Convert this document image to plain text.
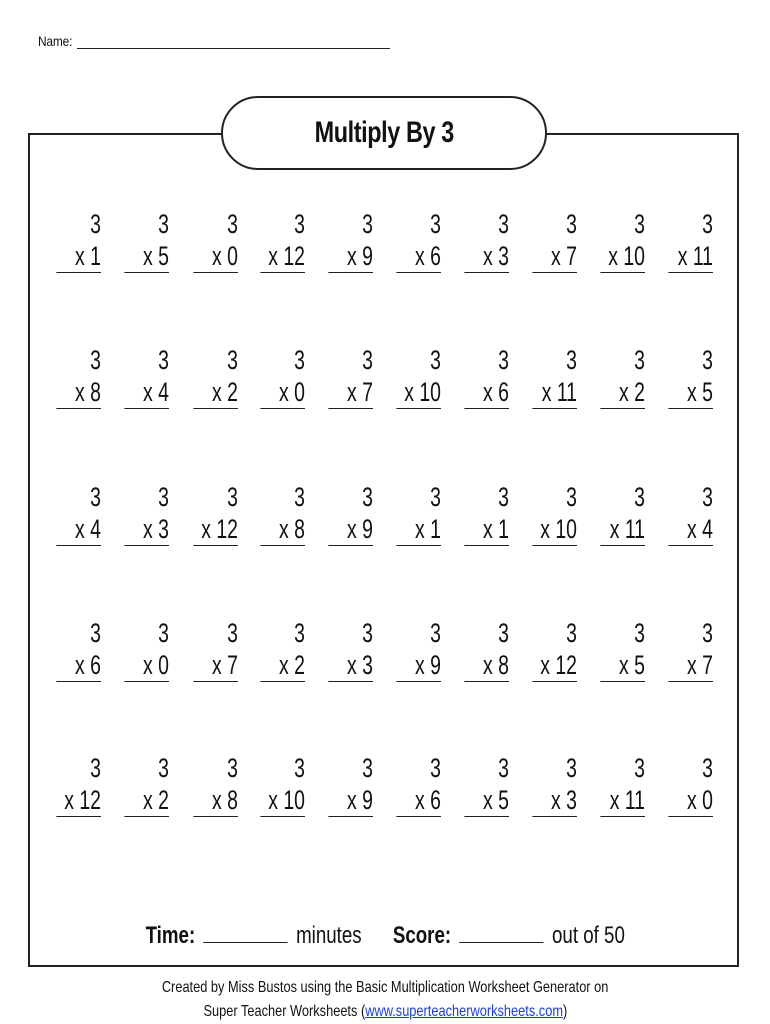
Name:
Multiply By 3
3
x 1
3
x 5
3
x 0
3
x 12
3
x 9
3
x 6
3
x 3
3
x 7
3
x 10
3
x 11
3
x 8
3
x 4
3
x 2
3
x 0
3
x 7
3
x 10
3
x 6
3
x 11
3
x 2
3
x 5
3
x 4
3
x 3
3
x 12
3
x 8
3
x 9
3
x 1
3
x 1
3
x 10
3
x 11
3
x 4
3
x 6
3
x 0
3
x 7
3
x 2
3
x 3
3
x 9
3
x 8
3
x 12
3
x 5
3
x 7
3
x 12
3
x 2
3
x 8
3
x 10
3
x 9
3
x 6
3
x 5
3
x 3
3
x 11
3
x 0
Time:	minutes Score:	out of 50
Created by Miss Bustos using the Basic Multiplication Worksheet Generator on
Super Teacher Worksheets (www.superteacherworksheets.com)
